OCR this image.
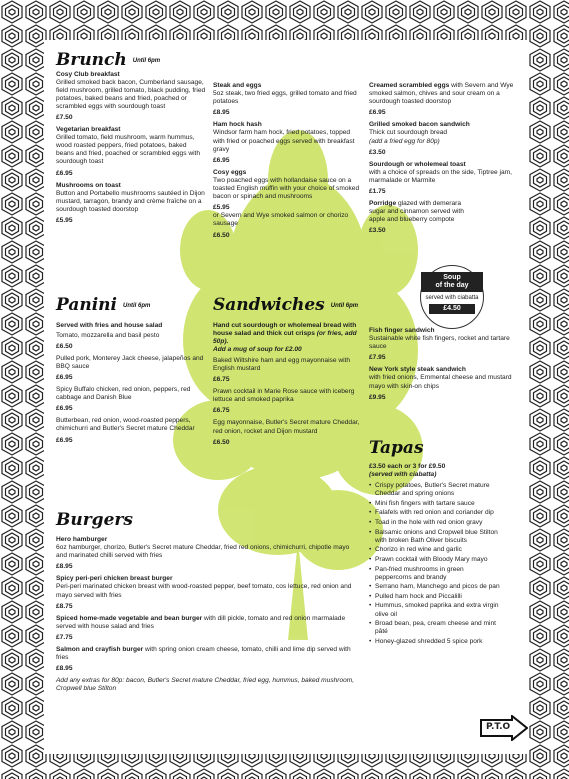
Brunch Until 6pm
Cosy Club breakfast
Grilled smoked back bacon, Cumberland sausage, field mushroom, grilled tomato, black pudding, fried potatoes, baked beans and fried, poached or scrambled eggs with sourdough toast
£7.50
Vegetarian breakfast
Grilled tomato, field mushroom, warm hummus, wood roasted peppers, fried potatoes, baked beans and fried, poached or scrambled eggs with sourdough toast
£6.95
Mushrooms on toast
Button and Portabello mushrooms sautéed in Dijon mustard, tarragon, brandy and crème fraîche on a sourdough toasted doorstop
£5.95
Steak and eggs
5oz steak, two fried eggs, grilled tomato and fried potatoes
£8.95
Ham hock hash
Windsor farm ham hock, fried potatoes, topped with fried or poached eggs served with breakfast gravy
£6.95
Cosy eggs
Two poached eggs with hollandaise sauce on a toasted English muffin with your choice of smoked bacon or spinach and mushrooms
£5.95
or Severn and Wye smoked salmon or chorizo sausage
£6.50
Creamed scrambled eggs with Severn and Wye smoked salmon, chives and sour cream on a sourdough toasted doorstop
£6.95
Grilled smoked bacon sandwich
Thick cut sourdough bread
(add a fried egg for 80p)
£3.50
Sourdough or wholemeal toast
with a choice of spreads on the side, Tiptree jam, marmalade or Marmite
£1.75
Porridge glazed with demerara sugar and cinnamon served with apple and blueberry compote
£3.50
Soup
of the day
served with ciabatta
£4.50
Panini Until 6pm
Served with fries and house salad
Tomato, mozzarella and basil pesto
£6.50
Pulled pork, Monterey Jack cheese, jalapeños and BBQ sauce
£6.95
Spicy Buffalo chicken, red onion, peppers, red cabbage and Danish Blue
£6.95
Butterbean, red onion, wood-roasted peppers, chimichurri and Butler's Secret mature Cheddar
£6.95
Sandwiches Until 6pm
Hand cut sourdough or wholemeal bread with house salad and thick cut crisps (or fries, add 50p).
Add a mug of soup for £2.00
Baked Wiltshire ham and egg mayonnaise with English mustard
£6.75
Prawn cocktail in Marie Rose sauce with iceberg lettuce and smoked paprika
£6.75
Egg mayonnaise, Butler's Secret mature Cheddar, red onion, rocket and Dijon mustard
£6.50
Fish finger sandwich
Sustainable white fish fingers, rocket and tartare sauce
£7.95
New York style steak sandwich
with fried onions, Emmental cheese and mustard mayo with skin-on chips
£9.95
Burgers
Hero hamburger
6oz hamburger, chorizo, Butler's Secret mature Cheddar, fried red onions, chimichurri, chipotle mayo and marinated chilli served with fries
£8.95
Spicy peri-peri chicken breast burger
Peri-peri marinated chicken breast with wood-roasted pepper, beef tomato, cos lettuce, red onion and mayo served with fries
£8.75
Spiced home-made vegetable and bean burger with dill pickle, tomato and red onion marmalade served with house salad and fries
£7.75
Salmon and crayfish burger with spring onion cream cheese, tomato, chilli and lime dip served with fries
£8.95
Add any extras for 80p: bacon, Butler's Secret mature Cheddar, fried egg, hummus, baked mushroom, Cropwell blue Stilton
Tapas
£3.50 each or 3 for £9.50
(served with ciabatta)
• Crispy potatoes, Butler's Secret mature Cheddar and spring onions
• Mini fish fingers with tartare sauce
• Falafels with red onion and coriander dip
• Toad in the hole with red onion gravy
• Balsamic onions and Cropwell blue Stilton with broken Bath Oliver biscuits
• Chorizo in red wine and garlic
• Prawn cocktail with Bloody Mary mayo
• Pan-fried mushrooms in green peppercorns and brandy
• Serrano ham, Manchego and picos de pan
• Pulled ham hock and Piccalilli
• Hummus, smoked paprika and extra virgin olive oil
• Broad bean, pea, cream cheese and mint pâté
• Honey-glazed shredded 5 spice pork
P.T.O
